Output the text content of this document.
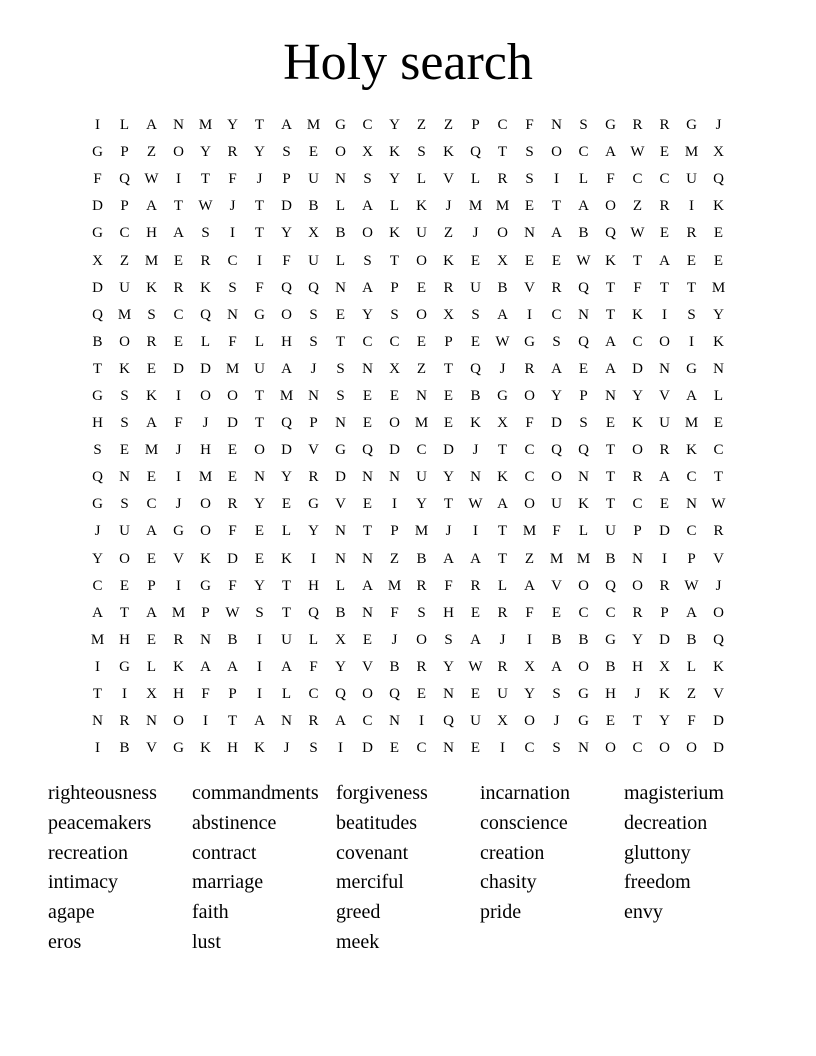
Holy search
I	L	A	N M Y	T	A M G	C	Y	Z	Z	P	C	F	N	S	G	R	R	G	J
G	P	Z	O	Y	R	Y	S	E	O	X	K	S	K	Q	T	S	O	C	A W	E	M X
F	Q W	I	T	F	J	P	U	N	S	Y	L	V	L	R	S	I	L	F	C	C	U	Q
D	P	A	T	W	J	T	D	B	L	A	L	K	J	M M	E	T	A	O	Z	R	I	K
G	C	H	A	S	I	T	Y	X	B	O	K	U	Z	J	O	N	A	B	Q W	E	R	E
X	Z	M	E	R	C	I	F	U	L	S	T	O	K	E	X	E	E	W K	T	A	E	E
D	U	K	R	K	S	F	Q	Q	N	A	P	E	R	U	B	V	R	Q	T	F	T	T	M
Q M	S	C	Q	N	G	O	S	E	Y	S	O	X	S	A	I	C	N	T	K	I	S	Y
B	O	R	E	L	F	L	H	S	T	C	C	E	P	E	W G	S	Q	A	C	O	I	K
T	K	E	D	D M U	A	J	S	N	X	Z	T	Q	J	R	A	E	A	D	N	G	N
G	S	K	I	O	O	T	M N	S	E	E	N	E	B	G	O	Y	P	N	Y	V	A	L
H	S	A	F	J	D	T	Q	P	N	E	O M	E	K	X	F	D	S	E	K	U M	E
S	E	M	J	H	E	O	D	V	G	Q	D	C	D	J	T	C	Q	Q	T	O	R	K	C
Q	N	E	I	M	E	N	Y	R	D	N	N	U	Y	N	K	C	O	N	T	R	A	C	T
G	S	C	J	O	R	Y	E	G	V	E	I	Y	T	W A	O	U	K	T	C	E	N W
J	U	A	G	O	F	E	L	Y	N	T	P	M	J	I	T	M	F	L	U	P	D	C	R
Y	O	E	V	K	D	E	K	I	N	N	Z	B	A	A	T	Z	M M	B	N	I	P	V
C	E	P	I	G	F	Y	T	H	L	A M	R	F	R	L	A	V	O	Q	O	R W	J
A	T	A M	P	W	S	T	Q	B	N	F	S	H	E	R	F	E	C	C	R	P	A	O
M H	E	R	N	B	I	U	L	X	E	J	O	S	A	J	I	B	B	G	Y	D	B	Q
I	G	L	K	A	A	I	A	F	Y	V	B	R	Y W R	X	A	O	B	H	X	L	K
T	I	X	H	F	P	I	L	C	Q	O	Q	E	N	E	U	Y	S	G	H	J	K	Z	V
N	R	N	O	I	T	A	N	R	A	C	N	I	Q	U	X	O	J	G	E	T	Y	F	D
I	B	V	G	K	H	K	J	S	I	D	E	C	N	E	I	C	S	N	O	C	O	O	D
righteousness	commandments forgiveness	incarnation	magisterium
peacemakers	abstinence	beatitudes	conscience	decreation
recreation	contract	covenant	creation	gluttony
intimacy	marriage	merciful	chasity	freedom
agape	faith	greed	pride	envy
eros	lust	meek
